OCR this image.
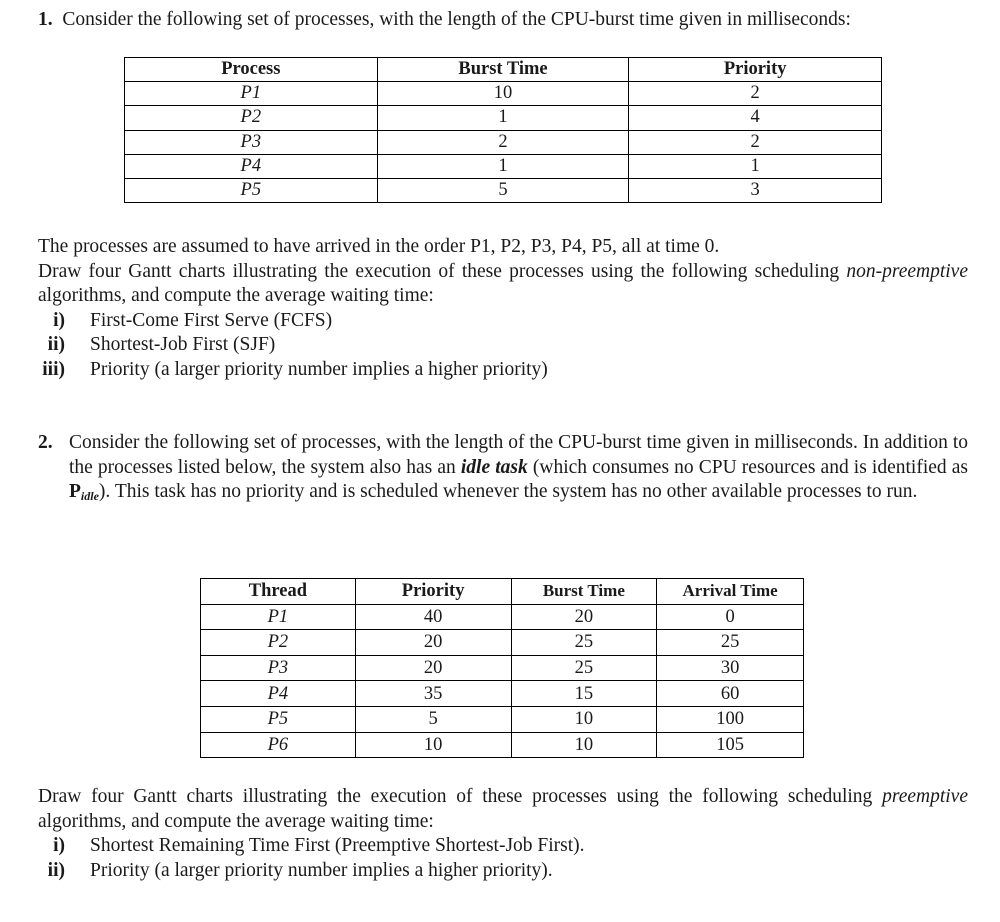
1. Consider the following set of processes, with the length of the CPU-burst time given in milliseconds:
Process	Burst Time	Priority
P1	10	2
P2	1	4
P3	2	2
P4	1	1
P5	5	3
The processes are assumed to have arrived in the order P1, P2, P3, P4, P5, all at time 0.
Draw four Gantt charts illustrating the execution of these processes using the following scheduling non-preemptive algorithms, and compute the average waiting time:
i)	First-Come First Serve (FCFS)
ii)	Shortest-Job First (SJF)
iii)	Priority (a larger priority number implies a higher priority)
2. Consider the following set of processes, with the length of the CPU-burst time given in milliseconds. In addition to the processes listed below, the system also has an idle task (which consumes no CPU resources and is identified as $P_{idle}$). This task has no priority and is scheduled whenever the system has no other available processes to run.
Thread	Priority	Burst Time	Arrival Time
P1	40	20	0
P2	20	25	25
P3	20	25	30
P4	35	15	60
P5	5	10	100
P6	10	10	105
Draw four Gantt charts illustrating the execution of these processes using the following scheduling preemptive algorithms, and compute the average waiting time:
i)	Shortest Remaining Time First (Preemptive Shortest-Job First).
ii)	Priority (a larger priority number implies a higher priority).
